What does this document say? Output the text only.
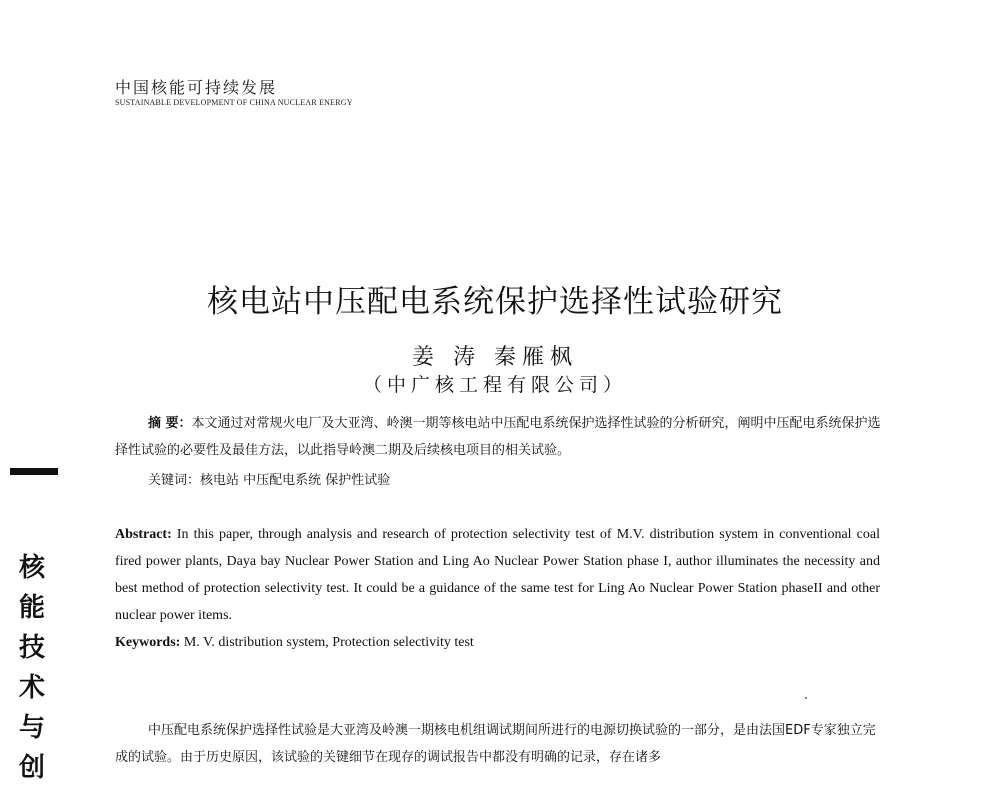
中国核能可持续发展
SUSTAINABLE DEVELOPMENT OF CHINA NUCLEAR ENERGY
核电站中压配电系统保护选择性试验研究
姜 涛 秦雁枫
（中广核工程有限公司）
摘 要：本文通过对常规火电厂及大亚湾、岭澳一期等核电站中压配电系统保护选择性试验的分析研究，阐明中压配电系统保护选择性试验的必要性及最佳方法，以此指导岭澳二期及后续核电项目的相关试验。
关键词：核电站 中压配电系统 保护性试验
Abstract: In this paper, through analysis and research of protection selectivity test of M.V. distribution system in conventional coal fired power plants, Daya bay Nuclear Power Station and Ling Ao Nuclear Power Station phase I, author illuminates the necessity and best method of protection selectivity test. It could be a guidance of the same test for Ling Ao Nuclear Power Station phaseII and other nuclear power items.
Keywords: M. V. distribution system, Protection selectivity test
中压配电系统保护选择性试验是大亚湾及岭澳一期核电机组调试期间所进行的电源切换试验的一部分，是由法国EDF专家独立完成的试验。由于历史原因，该试验的关键细节在现存的调试报告中都没有明确的记录，存在诸多
核
能
技
术
与
创
